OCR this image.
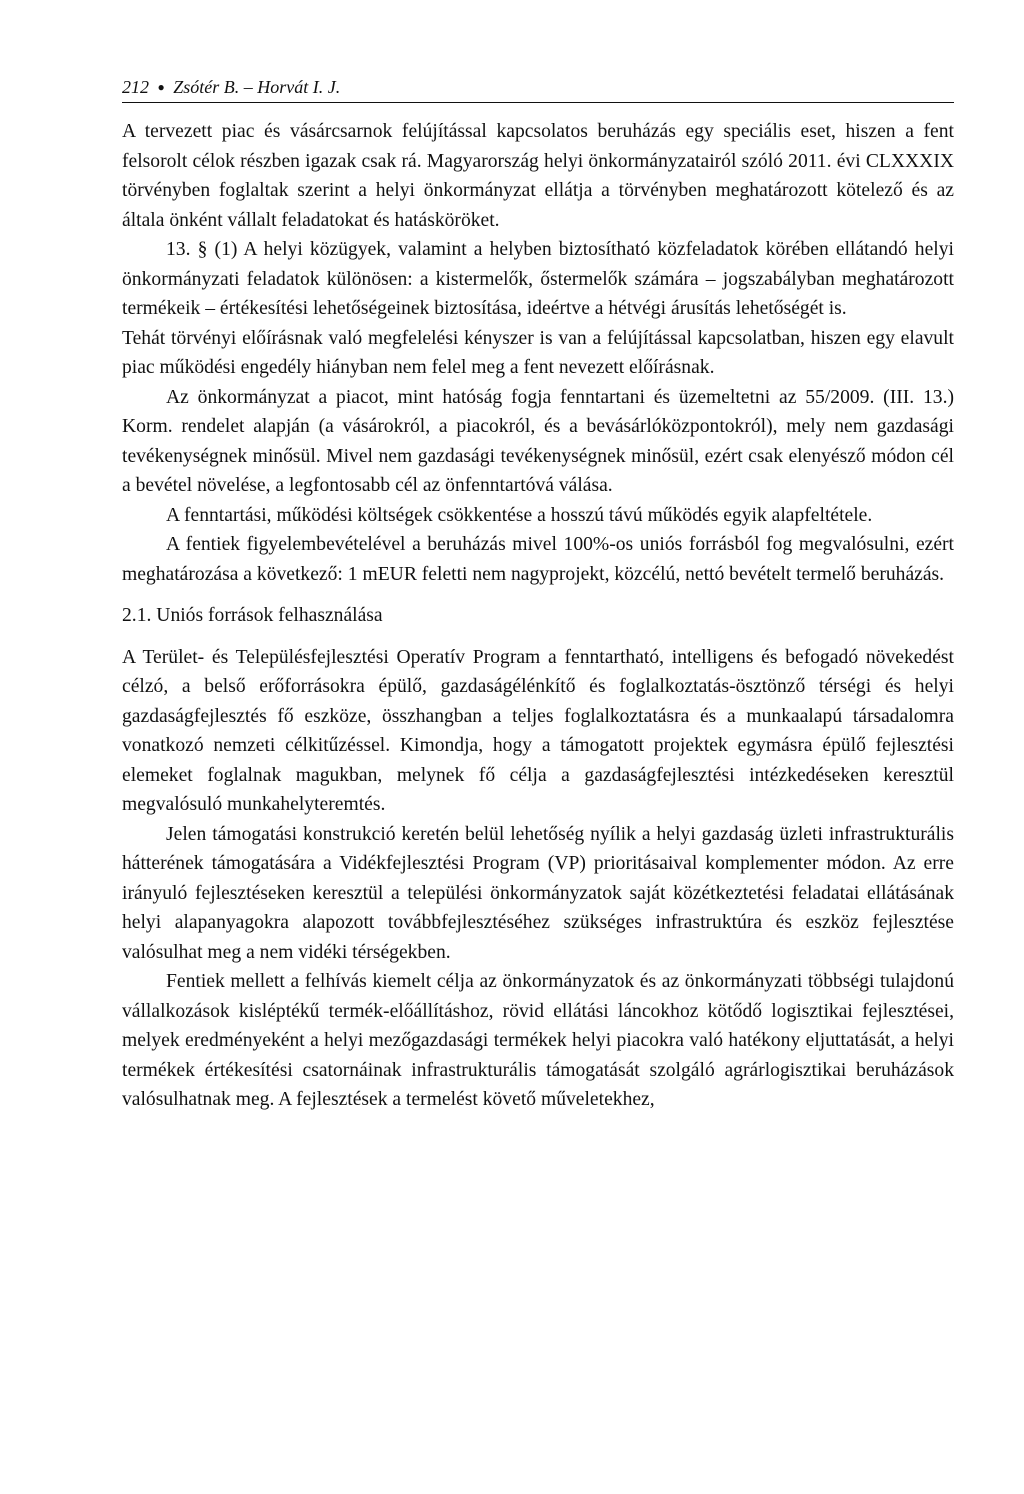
212 ● Zsótér B. – Horvát I. J.

A tervezett piac és vásárcsarnok felújítással kapcsolatos beruházás egy speciális eset, hiszen a fent felsorolt célok részben igazak csak rá. Magyarország helyi önkormányzatairól szóló 2011. évi CLXXXIX törvényben foglaltak szerint a helyi önkormányzat ellátja a törvényben meghatározott kötelező és az általa önként vállalt feladatokat és hatásköröket.

13. § (1) A helyi közügyek, valamint a helyben biztosítható közfeladatok körében ellátandó helyi önkormányzati feladatok különösen: a kistermelők, őstermelők számára – jogszabályban meghatározott termékeik – értékesítési lehetőségeinek biztosítása, ideértve a hétvégi árusítás lehetőségét is.

Tehát törvényi előírásnak való megfelelési kényszer is van a felújítással kapcsolatban, hiszen egy elavult piac működési engedély hiányban nem felel meg a fent nevezett előírásnak.

Az önkormányzat a piacot, mint hatóság fogja fenntartani és üzemeltetni az 55/2009. (III. 13.) Korm. rendelet alapján (a vásárokról, a piacokról, és a bevásárlóközpontokról), mely nem gazdasági tevékenységnek minősül. Mivel nem gazdasági tevékenységnek minősül, ezért csak elenyésző módon cél a bevétel növelése, a legfontosabb cél az önfenntartóvá válása.

A fenntartási, működési költségek csökkentése a hosszú távú működés egyik alapfeltétele.

A fentiek figyelembevételével a beruházás mivel 100%-os uniós forrásból fog megvalósulni, ezért meghatározása a következő: 1 mEUR feletti nem nagyprojekt, közcélú, nettó bevételt termelő beruházás.

2.1. Uniós források felhasználása

A Terület- és Településfejlesztési Operatív Program a fenntartható, intelligens és befogadó növekedést célzó, a belső erőforrásokra épülő, gazdaságélénkítő és foglalkoztatás-ösztönző térségi és helyi gazdaságfejlesztés fő eszköze, összhangban a teljes foglalkoztatásra és a munkaalapú társadalomra vonatkozó nemzeti célkitűzéssel. Kimondja, hogy a támogatott projektek egymásra épülő fejlesztési elemeket foglalnak magukban, melynek fő célja a gazdaságfejlesztési intézkedéseken keresztül megvalósuló munkahelyteremtés.

Jelen támogatási konstrukció keretén belül lehetőség nyílik a helyi gazdaság üzleti infrastrukturális hátterének támogatására a Vidékfejlesztési Program (VP) prioritásaival komplementer módon. Az erre irányuló fejlesztéseken keresztül a települési önkormányzatok saját közétkeztetési feladatai ellátásának helyi alapanyagokra alapozott továbbfejlesztéséhez szükséges infrastruktúra és eszköz fejlesztése valósulhat meg a nem vidéki térségekben.

Fentiek mellett a felhívás kiemelt célja az önkormányzatok és az önkormányzati többségi tulajdonú vállalkozások kisléptékű termék-előállításhoz, rövid ellátási láncokhoz kötődő logisztikai fejlesztései, melyek eredményeként a helyi mezőgazdasági termékek helyi piacokra való hatékony eljuttatását, a helyi termékek értékesítési csatornáinak infrastrukturális támogatását szolgáló agrárlogisztikai beruházások valósulhatnak meg. A fejlesztések a termelést követő műveletekhez,
